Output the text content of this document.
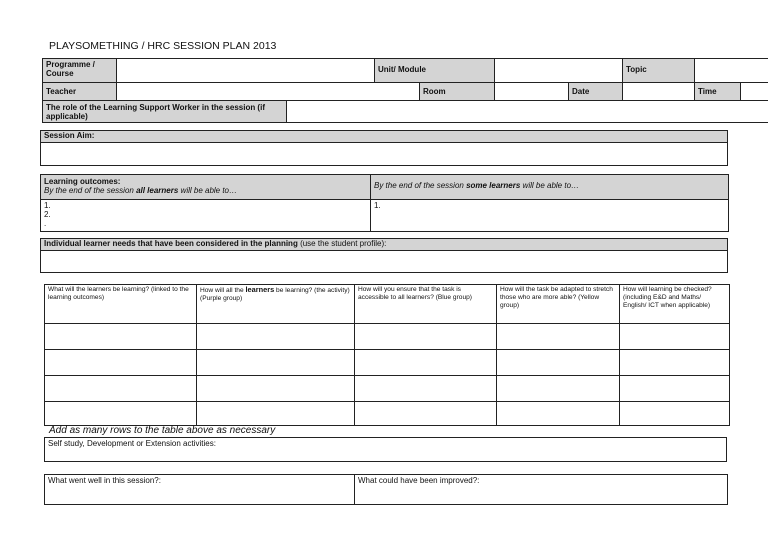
PLAYSOMETHING / HRC SESSION PLAN 2013
Programme / Course			Unit/ Module				Topic		
Teacher				Room		Date		Time	
The role of the Learning Support Worker in the session (if applicable)									
Session Aim:

Learning outcomes:
By the end of the session all learners will be able to…	By the end of the session some learners will be able to…

1.
2.
.	1.
Individual learner needs that have been considered in the planning (use the student profile):

What will the learners be learning? (linked to the learning outcomes)	How will all the learners be learning? (the activity) (Purple group)	How will you ensure that the task is accessible to all learners? (Blue group)	How will the task be adapted to stretch those who are more able? (Yellow group)	How will learning be checked? (including E&D and Maths/ English/ ICT when applicable)

Add as many rows to the table above as necessary
Self study, Development or Extension activities:
What went well in this session?:	What could have been improved?:
